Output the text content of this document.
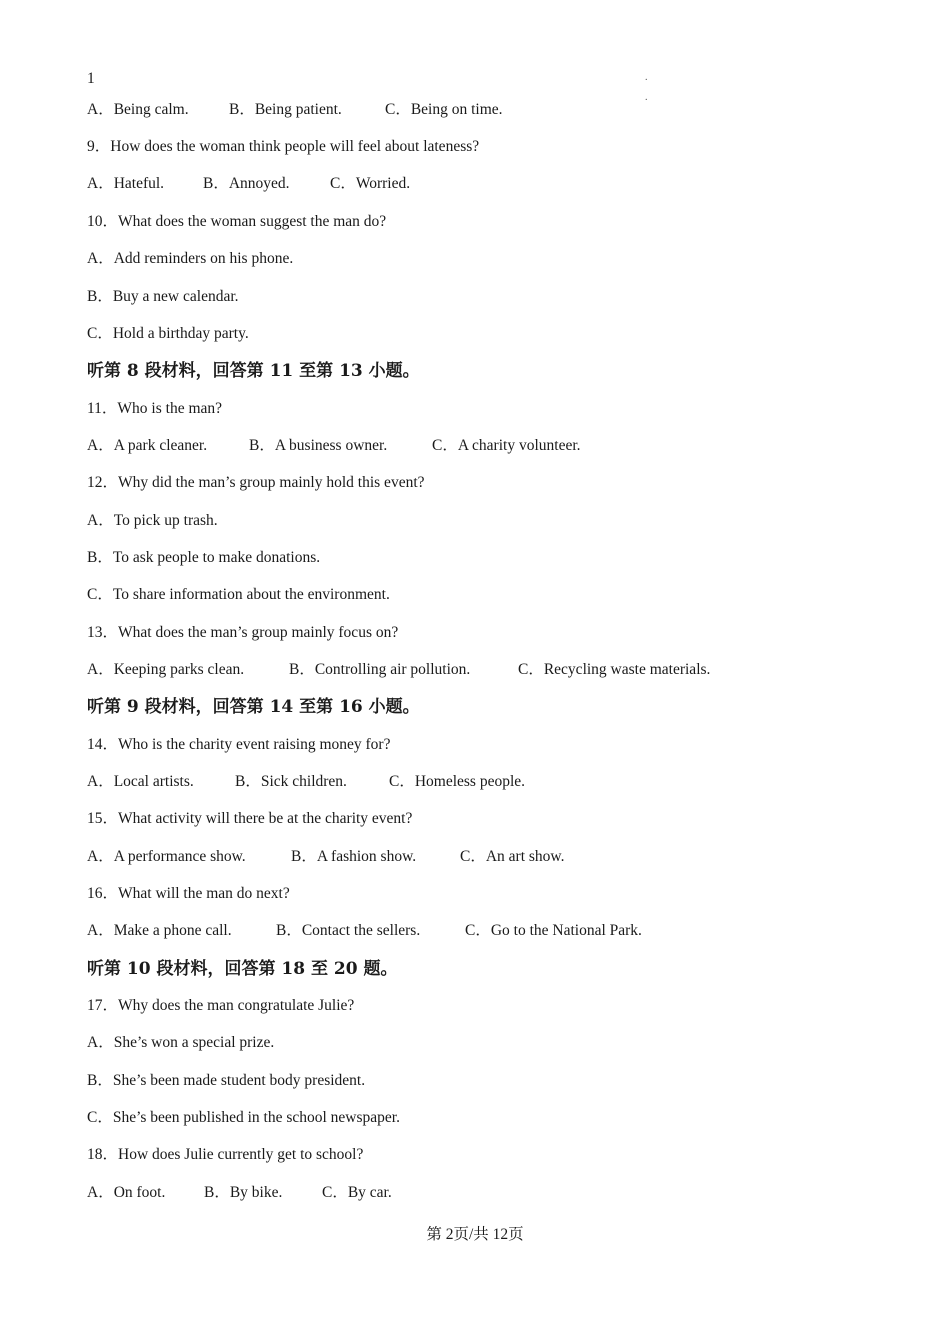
1	.
.
A．Being calm.	B．Being patient.	C．Being on time.
9．How does the woman think people will feel about lateness?
A．Hateful.	B．Annoyed.	C．Worried.
10．What does the woman suggest the man do?
A．Add reminders on his phone.
B．Buy a new calendar.
C．Hold a birthday party.
听第 8 段材料，回答第 11 至第 13 小题。
11．Who is the man?
A．A park cleaner.	B．A business owner.	C．A charity volunteer.
12．Why did the man’s group mainly hold this event?
A．To pick up trash.
B．To ask people to make donations.
C．To share information about the environment.
13．What does the man’s group mainly focus on?
A．Keeping parks clean.	B．Controlling air pollution.	C．Recycling waste materials.
听第 9 段材料，回答第 14 至第 16 小题。
14．Who is the charity event raising money for?
A．Local artists.	B．Sick children.	C．Homeless people.
15．What activity will there be at the charity event?
A．A performance show.	B．A fashion show.	C．An art show.
16．What will the man do next?
A．Make a phone call.	B．Contact the sellers.	C．Go to the National Park.
听第 10 段材料，回答第 18 至 20 题。
17．Why does the man congratulate Julie?
A．She’s won a special prize.
B．She’s been made student body president.
C．She’s been published in the school newspaper.
18．How does Julie currently get to school?
A．On foot. B．By bike.	C．By car.
第 2页/共 12页
